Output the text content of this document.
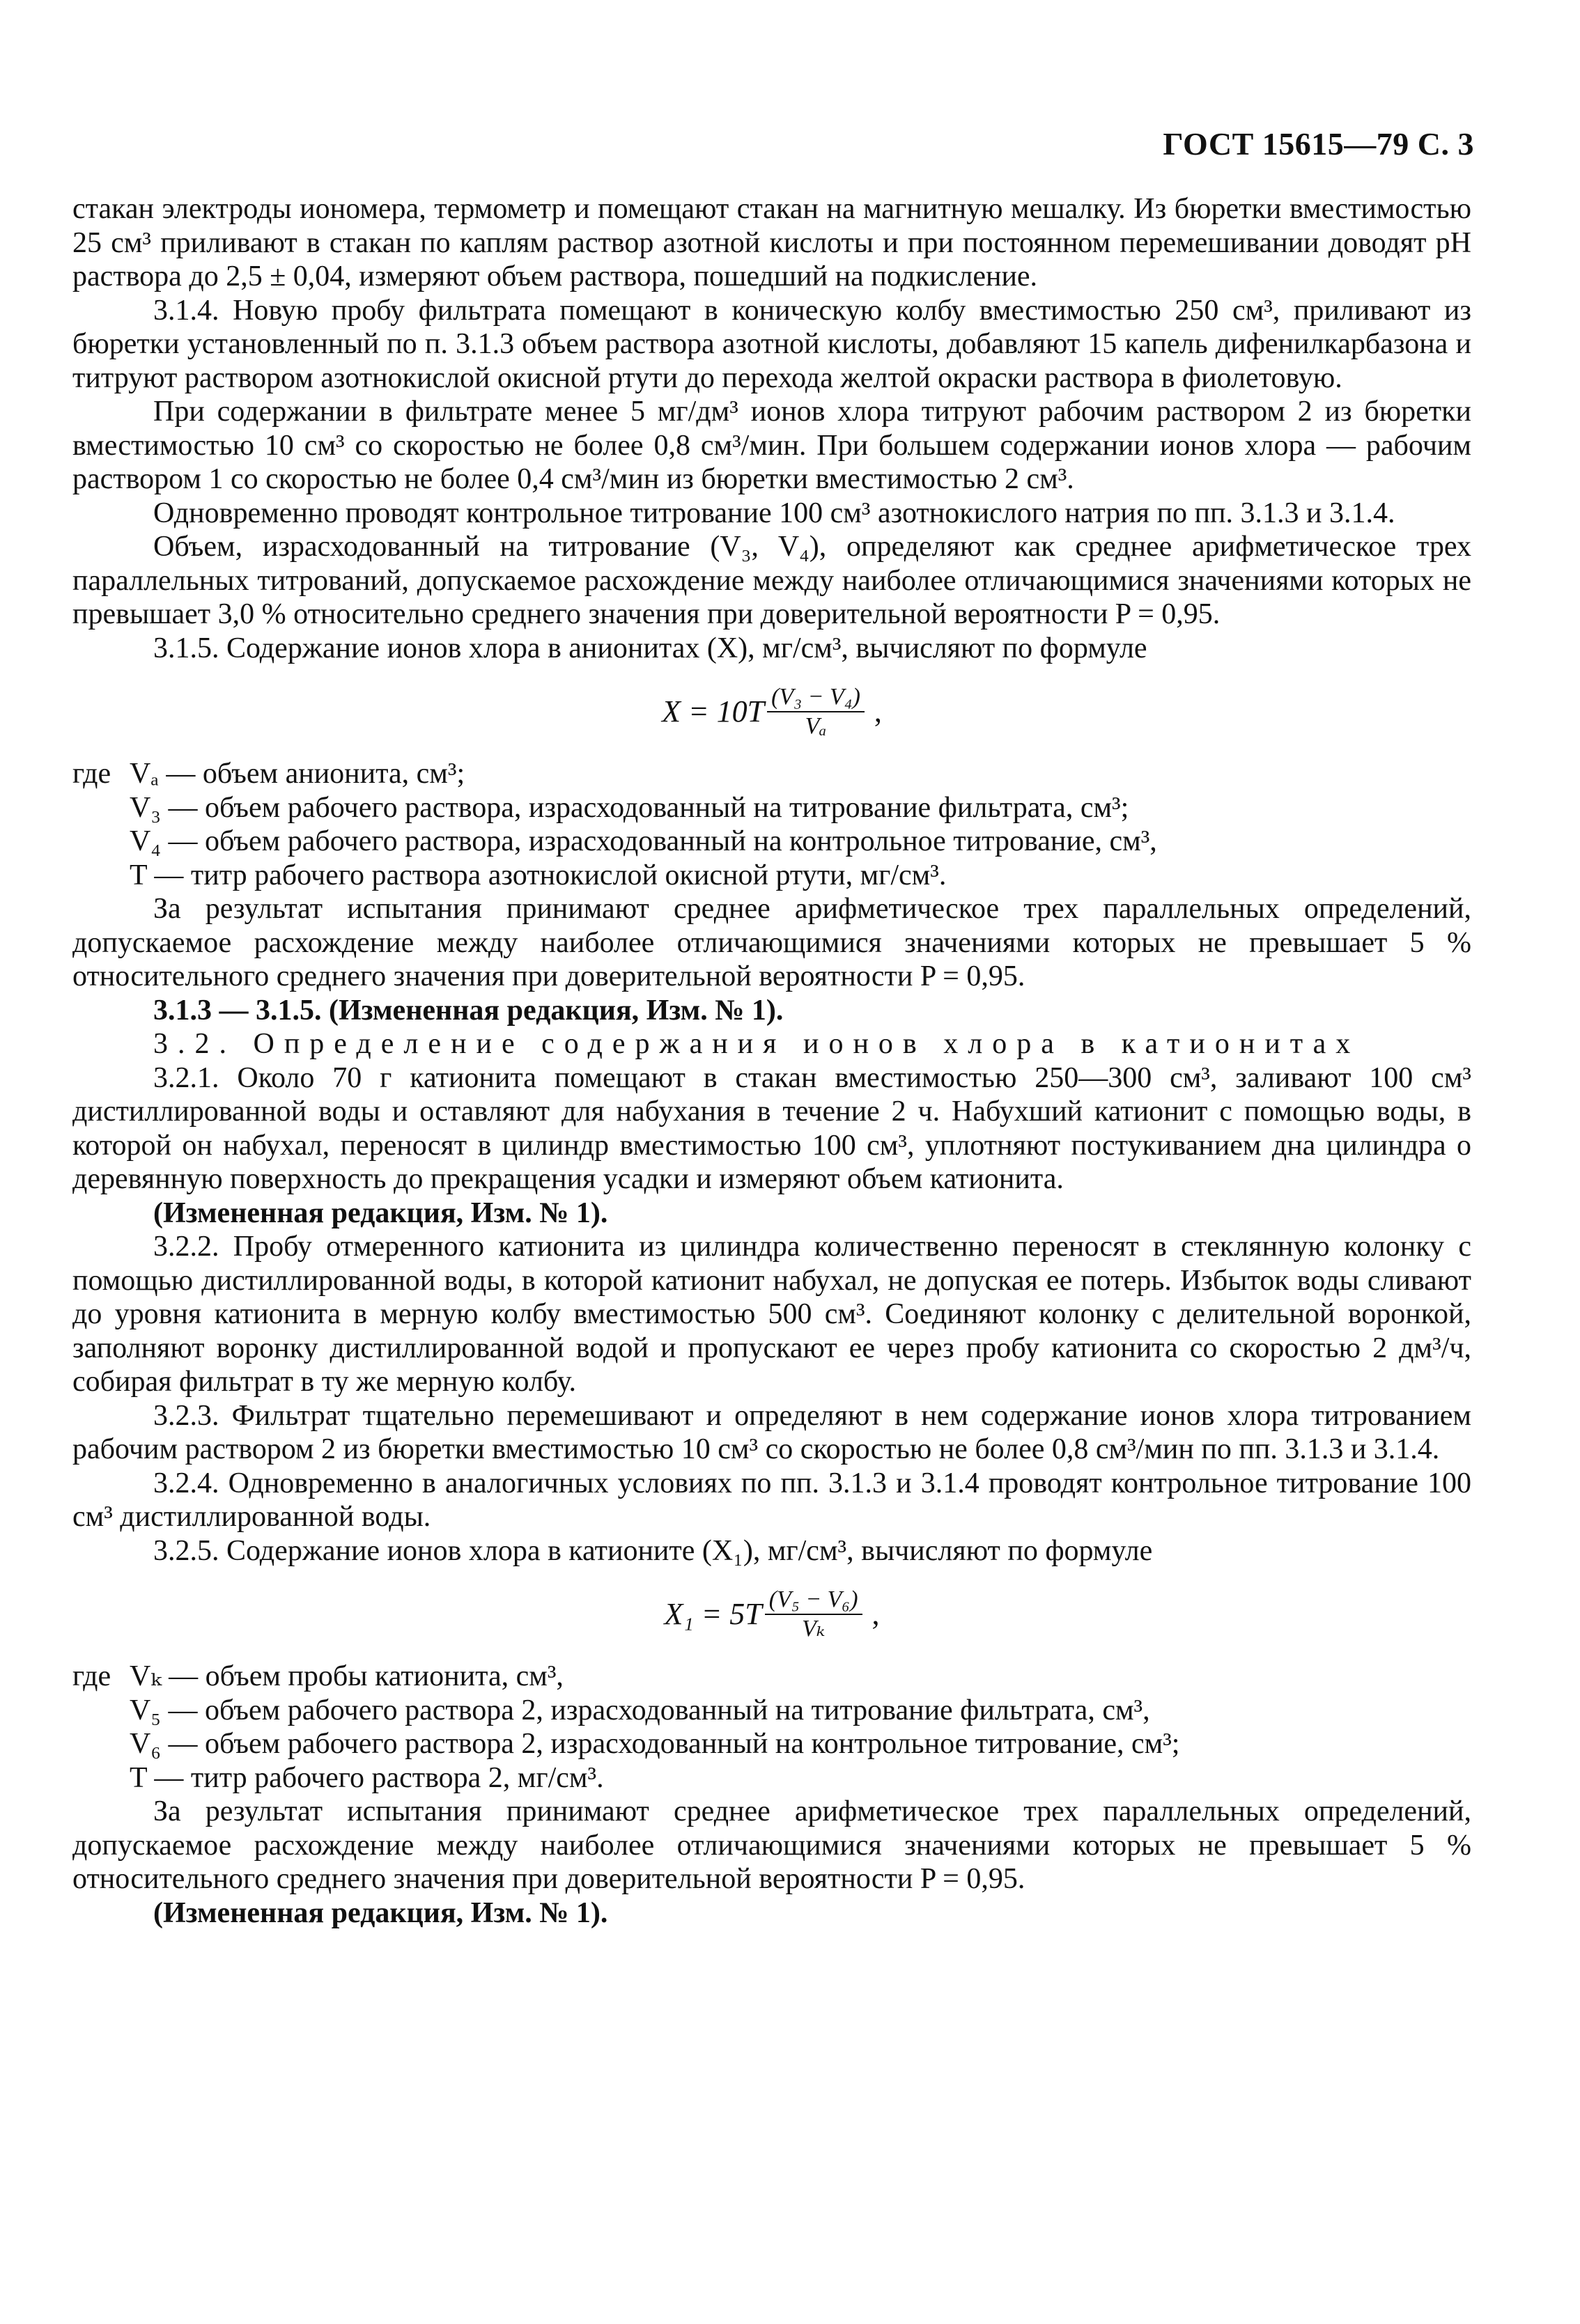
ГОСТ 15615—79 С. 3

стакан электроды иономера, термометр и помещают стакан на магнитную мешалку. Из бюретки вместимостью 25 см³ приливают в стакан по каплям раствор азотной кислоты и при постоянном перемешивании доводят pH раствора до 2,5 ± 0,04, измеряют объем раствора, пошедший на подкисление.

3.1.4. Новую пробу фильтрата помещают в коническую колбу вместимостью 250 см³, приливают из бюретки установленный по п. 3.1.3 объем раствора азотной кислоты, добавляют 15 капель дифенилкарбазона и титруют раствором азотнокислой окисной ртути до перехода желтой окраски раствора в фиолетовую.

При содержании в фильтрате менее 5 мг/дм³ ионов хлора титруют рабочим раствором 2 из бюретки вместимостью 10 см³ со скоростью не более 0,8 см³/мин. При большем содержании ионов хлора — рабочим раствором 1 со скоростью не более 0,4 см³/мин из бюретки вместимостью 2 см³.

Одновременно проводят контрольное титрование 100 см³ азотнокислого натрия по пп. 3.1.3 и 3.1.4.

Объем, израсходованный на титрование (V₃, V₄), определяют как среднее арифметическое трех параллельных титрований, допускаемое расхождение между наиболее отличающимися значениями которых не превышает 3,0 % относительно среднего значения при доверительной вероятности P = 0,95.

3.1.5. Содержание ионов хлора в анионитах (X), мг/см³, вычисляют по формуле

$X = 10T \frac{\text{(V₃ − V₄)}}{\text{Vₐ}}$ ,
где Vₐ — объем анионита, см³;
V₃ — объем рабочего раствора, израсходованный на титрование фильтрата, см³;
V₄ — объем рабочего раствора, израсходованный на контрольное титрование, см³,
T — титр рабочего раствора азотнокислой окисной ртути, мг/см³.

За результат испытания принимают среднее арифметическое трех параллельных определений, допускаемое расхождение между наиболее отличающимися значениями которых не превышает 5 % относительного среднего значения при доверительной вероятности P = 0,95.

3.1.3 — 3.1.5. (Измененная редакция, Изм. № 1).

3.2. Определение содержания ионов хлора в катионитах

3.2.1. Около 70 г катионита помещают в стакан вместимостью 250—300 см³, заливают 100 см³ дистиллированной воды и оставляют для набухания в течение 2 ч. Набухший катионит с помощью воды, в которой он набухал, переносят в цилиндр вместимостью 100 см³, уплотняют постукиванием дна цилиндра о деревянную поверхность до прекращения усадки и измеряют объем катионита.

(Измененная редакция, Изм. № 1).

3.2.2. Пробу отмеренного катионита из цилиндра количественно переносят в стеклянную колонку с помощью дистиллированной воды, в которой катионит набухал, не допуская ее потерь. Избыток воды сливают до уровня катионита в мерную колбу вместимостью 500 см³. Соединяют колонку с делительной воронкой, заполняют воронку дистиллированной водой и пропускают ее через пробу катионита со скоростью 2 дм³/ч, собирая фильтрат в ту же мерную колбу.

3.2.3. Фильтрат тщательно перемешивают и определяют в нем содержание ионов хлора титрованием рабочим раствором 2 из бюретки вместимостью 10 см³ со скоростью не более 0,8 см³/мин по пп. 3.1.3 и 3.1.4.

3.2.4. Одновременно в аналогичных условиях по пп. 3.1.3 и 3.1.4 проводят контрольное титрование 100 см³ дистиллированной воды.

3.2.5. Содержание ионов хлора в катионите (X₁), мг/см³, вычисляют по формуле

$X_1 = 5T \frac{\text{(V₅ − V₆)}}{\text{Vₖ}}$ ,
где Vₖ — объем пробы катионита, см³,
V₅ — объем рабочего раствора 2, израсходованный на титрование фильтрата, см³,
V₆ — объем рабочего раствора 2, израсходованный на контрольное титрование, см³;
T — титр рабочего раствора 2, мг/см³.

За результат испытания принимают среднее арифметическое трех параллельных определений, допускаемое расхождение между наиболее отличающимися значениями которых не превышает 5 % относительного среднего значения при доверительной вероятности P = 0,95.

(Измененная редакция, Изм. № 1).
